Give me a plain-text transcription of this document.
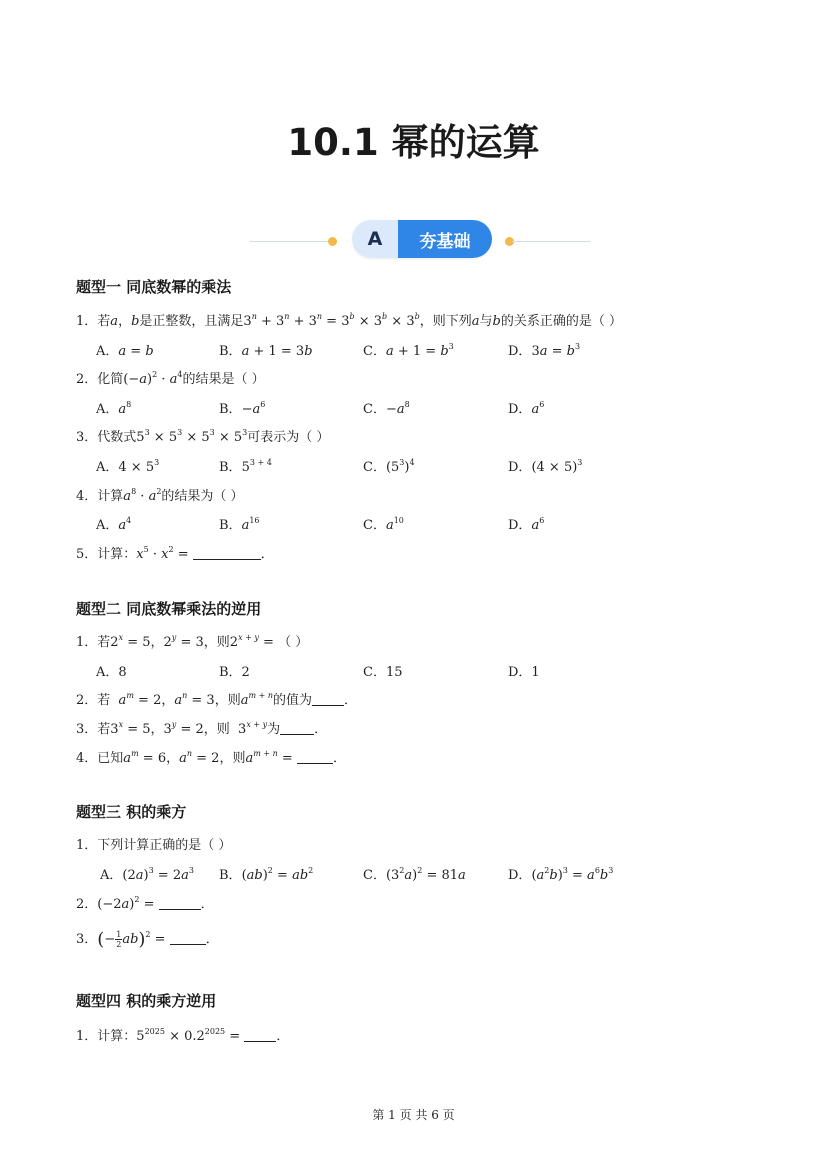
10.1 幂的运算
A	夯基础
题型一 同底数幂的乘法
1．若a，b是正整数，且满足$3^n + 3^n + 3^n = 3^b \times 3^b \times 3^b$，则下列a与b的关系正确的是（ ）
A．a = b	B．a + 1 = 3b	C．$a + 1 = b^3$	D．$3a = b^3$
2．化简$(-a)^2 \cdot a^4$的结果是（ ）
A．$a^8$	B．$-a^6$	C．$-a^8$	D．$a^6$
3．代数式$5^3 \times 5^3 \times 5^3 \times 5^3$可表示为（ ）
A．$4 \times 5^3$	B．$5^{3 + 4}$	C．$(5^3)^4$	D．$(4 \times 5)^3$
4．计算$a^8 \cdot a^2$的结果为（ ）
A．$a^4$	B．$a^{16}$	C．$a^{10}$	D．$a^6$
5．计算：$x^5 \cdot x^2$ =	．
题型二 同底数幂乘法的逆用
1．若$2^x = 5$，$2^y = 3$，则$2^{x + y}$ = （ ）
A．8	B．2	C．15	D．1
2．若  $a^m = 2$，$a^n = 3$，则$a^{m + n}$的值为 ．
3．若$3^x = 5$，$3^y = 2$，则  $3^{x + y}$为	．
4．已知$a^m = 6$，$a^n = 2$，则$a^{m + n}$ =	．
题型三 积的乘方
1．下列计算正确的是（ ）
A．$(2a)^3 = 2a^3$ B．$(ab)^2 = ab^2$	C．$(3^2a)^2 = 81a$	D．$(a^2b)^3 = a^6b^3$
2．$(-2a)^2$ =	．
3．(− $\frac{1}{2} ab)^2$ =	．
题型四 积的乘方逆用
1．计算：$5^{2025} \times 0.2^{2025}$ = ．
第 1 页 共 6 页
